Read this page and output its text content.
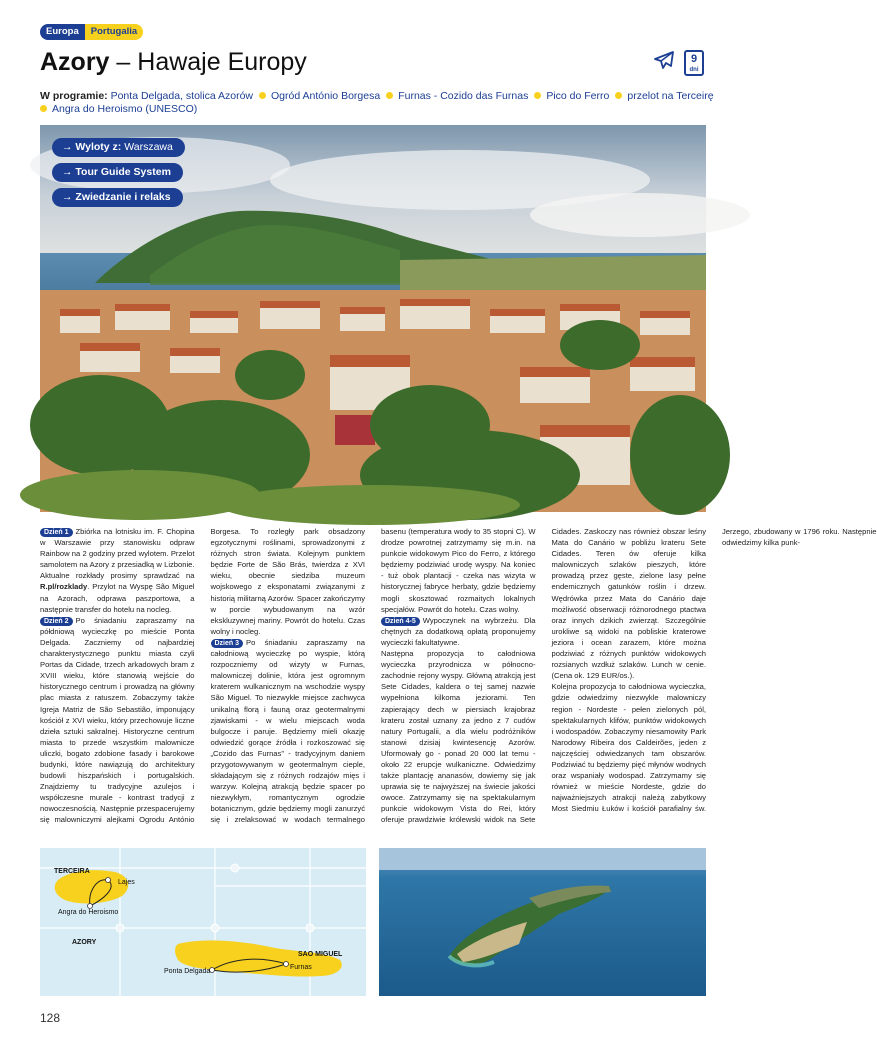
Europa	Portugalia
Azory – Hawaje Europy	9
dni
W programie: Ponta Delgada, stolica Azorów Ogród António Borgesa Furnas - Cozido das Furnas Pico do Ferro przelot na Terceirę
Angra do Heroismo (UNESCO)
→ Wyloty z: Warszawa
→ Tour Guide System
→ Zwiedzanie i relaks

Dzień 1 Zbiórka na lotnisku im. F. Chopina w Warszawie przy stanowisku odpraw Rainbow na 2 godziny przed wylotem. Przelot samolotem na Azory z przesiadką w Lizbonie. Aktualne rozkłady prosimy sprawdzać na R.pl/rozklady. Przylot na Wyspę São Miguel na Azorach, odprawa paszportowa, a następnie transfer do hotelu na nocleg.

Dzień 2 Po śniadaniu zapraszamy na półdniową wycieczkę po mieście Ponta Delgada. Zaczniemy od najbardziej charakterystycznego punktu miasta czyli Portas da Cidade, trzech arkadowych bram z XVIII wieku, które stanowią wejście do historycznego centrum i prowadzą na główny plac miasta z ratuszem. Zobaczymy także Igreja Matriz de São Sebastião, imponujący kościół z XVI wieku, który przechowuje liczne dzieła sztuki sakralnej. Historyczne centrum miasta to przede wszystkim malownicze uliczki, bogato zdobione fasady i barokowe budynki, które nawiązują do architektury budowli hiszpańskich i portugalskich. Znajdziemy tu tradycyjne azulejos i współczesne murale - kontrast tradycji z nowoczesnością. Następnie przespacerujemy się malowniczymi alejkami Ogrodu António Borgesa. To rozległy park obsadzony egzotycznymi roślinami, sprowadzonymi z różnych stron świata. Kolejnym punktem będzie Forte de São Brás, twierdza z XVI wieku, obecnie siedziba muzeum wojskowego z eksponatami związanymi z historią militarną Azorów. Spacer zakończymy w porcie wybudowanym na wzór ekskluzywnej mariny. Powrót do hotelu. Czas wolny i nocleg.

Dzień 3 Po śniadaniu zapraszamy na całodniową wycieczkę po wyspie, którą rozpoczniemy od wizyty w Furnas, malowniczej dolinie, która jest ogromnym kraterem wulkanicznym na wschodzie wyspy São Miguel. To niezwykłe miejsce zachwyca unikalną florą i fauną oraz geotermalnymi zjawiskami - w wielu miejscach woda bulgocze i paruje. Będziemy mieli okazję odwiedzić gorące źródła i rozkoszować się „Cozido das Furnas” - tradycyjnym daniem przygotowywanym w geotermalnym cieple, składającym się z różnych rodzajów mięs i warzyw. Kolejną atrakcją będzie spacer po niezwykłym, romantycznym ogrodzie botanicznym, gdzie będziemy mogli zanurzyć się i zrelaksować w wodach termalnego basenu (temperatura wody to 35 stopni C). W drodze powrotnej zatrzymamy się m.in. na punkcie widokowym Pico do Ferro, z którego będziemy podziwiać urodę wyspy. Na koniec - tuż obok plantacji - czeka nas wizyta w historycznej fabryce herbaty, gdzie będziemy mogli skosztować rozmaitych lokalnych specjałów. Powrót do hotelu. Czas wolny.

Dzień 4-5 Wypoczynek na wybrzeżu. Dla chętnych za dodatkową opłatą proponujemy wycieczki fakultatywne.

Następna propozycja to całodniowa wycieczka przyrodnicza w północno-zachodnie rejony wyspy. Główną atrakcją jest Sete Cidades, kaldera o tej samej nazwie wypełniona kilkoma jeziorami. Ten zapierający dech w piersiach krajobraz krateru został uznany za jedno z 7 cudów natury Portugalii, a dla wielu podróżników stanowi dzisiaj kwintesencję Azorów. Uformowały go - ponad 20 000 lat temu - około 22 erupcje wulkaniczne. Odwiedzimy także plantację ananasów, dowiemy się jak uprawia się te najwyższej na świecie jakości owoce. Zatrzymamy się na spektakularnym punkcie widokowym Vista do Rei, który oferuje prawdziwie królewski widok na Sete Cidades. Zaskoczy nas również obszar leśny Mata do Canário w pobliżu krateru Sete Cidades. Teren ów oferuje kilka malowniczych szlaków pieszych, które prowadzą przez gęste, zielone lasy pełne endemicznych gatunków roślin i drzew. Wędrówka przez Mata do Canário daje możliwość obserwacji różnorodnego ptactwa oraz innych dzikich zwierząt. Szczególnie urokliwe są widoki na pobliskie kraterowe jeziora i ocean zarazem, które można podziwiać z różnych punktów widokowych rozsianych wzdłuż szlaków. Lunch w cenie. (Cena ok. 129 EUR/os.).

Kolejna propozycja to całodniowa wycieczka, gdzie odwiedzimy niezwykle malowniczy region - Nordeste - pełen zielonych pól, spektakularnych klifów, punktów widokowych i wodospadów. Zobaczymy niesamowity Park Narodowy Ribeira dos Caldeirões, jeden z najczęściej odwiedzanych tam obszarów. Podziwiać tu będziemy pięć młynów wodnych oraz wspaniały wodospad. Zatrzymamy się również w mieście Nordeste, gdzie do najważniejszych atrakcji należą zabytkowy Most Siedmiu Łuków i kościół parafialny św. Jerzego, zbudowany w 1796 roku. Następnie odwiedzimy kilka punk-

TERCEIRA
Lajes
Angra do Heroismo
AZORY
SAO MIGUEL
Ponta Delgada
Furnas
128
